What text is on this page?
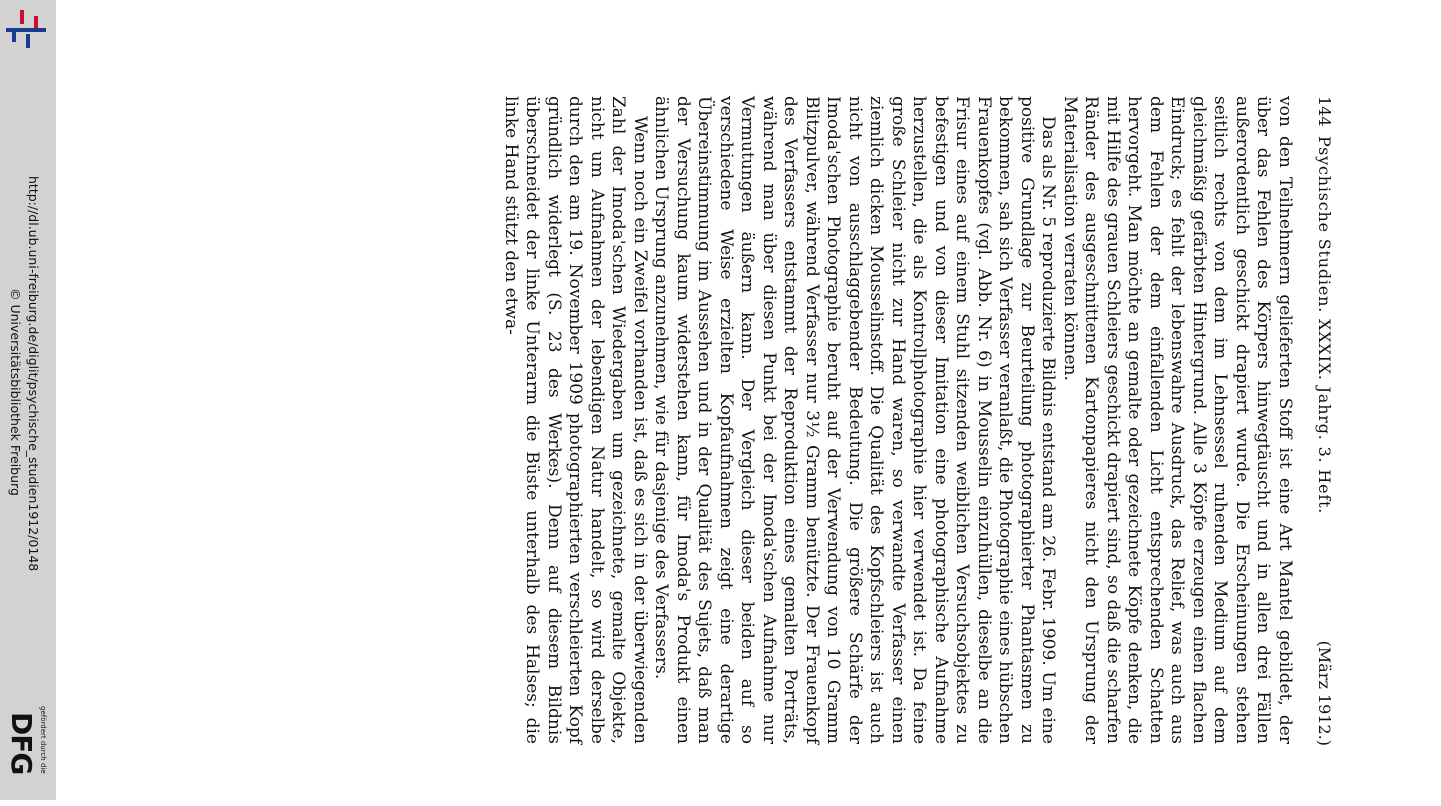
http://dl.ub.uni-freiburg.de/diglit/psychische_studien1912/0148
© Universitätsbibliothek Freiburg
gefördert durch die
DFG
144
Psychische Studien. XXXIX. Jahrg. 3. Heft.
(März 1912.)

von den Teilnehmern gelieferten Stoff ist eine Art Mantel gebildet, der über das Fehlen des Körpers hinwegtäuscht und in allen drei Fällen außerordentlich geschickt drapiert wurde. Die Erscheinungen stehen seitlich rechts von dem im Lehnsessel ruhenden Medium auf dem gleichmäßig gefärbten Hintergrund. Alle 3 Köpfe erzeugen einen flachen Eindruck; es fehlt der lebenswahre Ausdruck, das Relief, was auch aus dem Fehlen der dem einfallenden Licht entsprechenden Schatten hervorgeht. Man möchte an gemalte oder gezeichnete Köpfe denken, die mit Hilfe des grauen Schleiers geschickt drapiert sind, so daß die scharfen Ränder des ausgeschnittenen Kartonpapieres nicht den Ursprung der Materialisation verraten können.

Das als Nr. 5 reproduzierte Bildnis entstand am 26. Febr. 1909. Um eine positive Grundlage zur Beurteilung photographierter Phantasmen zu bekommen, sah sich Verfasser veranlaßt, die Photographie eines hübschen Frauenkopfes (vgl. Abb. Nr. 6) in Mousselin einzuhüllen, dieselbe an die Frisur eines auf einem Stuhl sitzenden weiblichen Versuchsobjektes zu befestigen und von dieser Imitation eine photographische Aufnahme herzustellen, die als Kontrollphotographie hier verwendet ist. Da feine große Schleier nicht zur Hand waren, so verwandte Verfasser einen ziemlich dicken Mousselinstoff. Die Qualität des Kopfschleiers ist auch nicht von ausschlaggebender Bedeutung. Die größere Schärfe der Imoda'schen Photographie beruht auf der Verwendung von 10 Gramm Blitzpulver, während Verfasser nur 3½ Gramm benützte. Der Frauenkopf des Verfassers entstammt der Reproduktion eines gemalten Porträts, während man über diesen Punkt bei der Imoda'schen Aufnahme nur Vermutungen äußern kann. Der Vergleich dieser beiden auf so verschiedene Weise erzielten Kopfaufnahmen zeigt eine derartige Übereinstimmung im Aussehen und in der Qualität des Sujets, daß man der Versuchung kaum widerstehen kann, für Imoda's Produkt einen ähnlichen Ursprung anzunehmen, wie für dasjenige des Verfassers.

Wenn noch ein Zweifel vorhanden ist, daß es sich in der überwiegenden Zahl der Imoda'schen Wiedergaben um gezeichnete, gemalte Objekte, nicht um Aufnahmen der lebendigen Natur handelt, so wird derselbe durch den am 19. November 1909 photographierten verschleierten Kopf gründlich widerlegt (S. 23 des Werkes). Denn auf diesem Bildnis überschneidet der linke Unterarm die Büste unterhalb des Halses; die linke Hand stützt den etwa-
